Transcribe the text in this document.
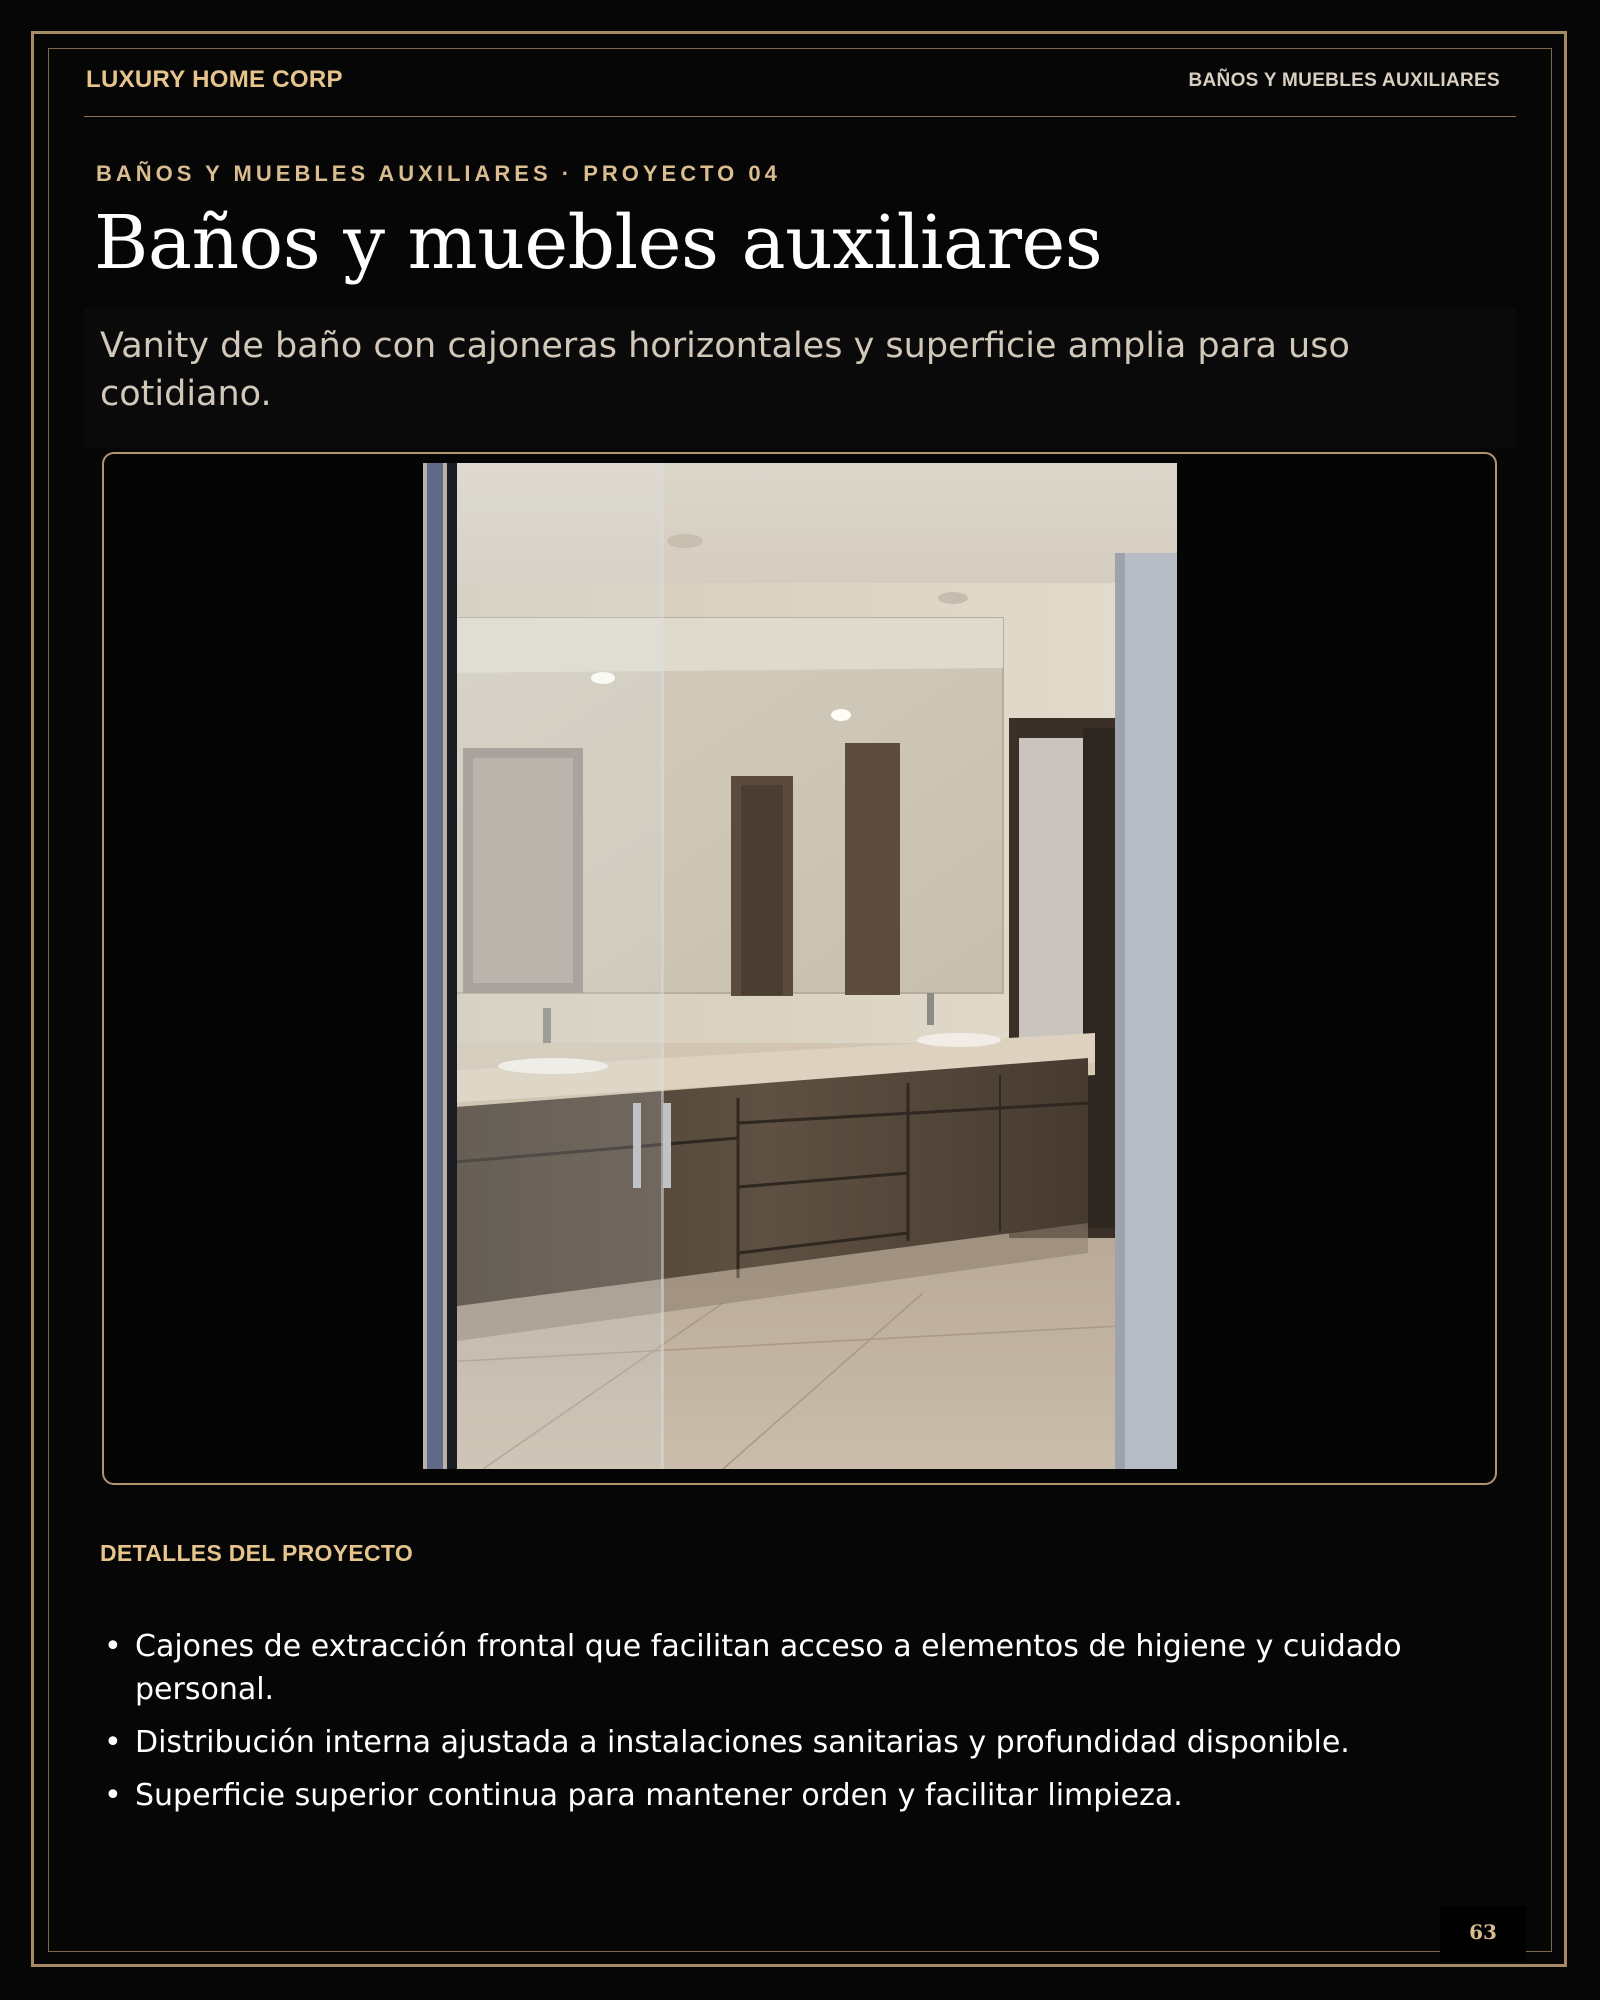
LUXURY HOME CORP	BAÑOS Y MUEBLES AUXILIARES
BAÑOS Y MUEBLES AUXILIARES · PROYECTO 04
Baños y muebles auxiliares
Vanity de baño con cajoneras horizontales y superficie amplia para uso cotidiano.
DETALLES DEL PROYECTO
• Cajones de extracción frontal que facilitan acceso a elementos de higiene y cuidado personal.
• Distribución interna ajustada a instalaciones sanitarias y profundidad disponible.
• Superficie superior continua para mantener orden y facilitar limpieza.
63
